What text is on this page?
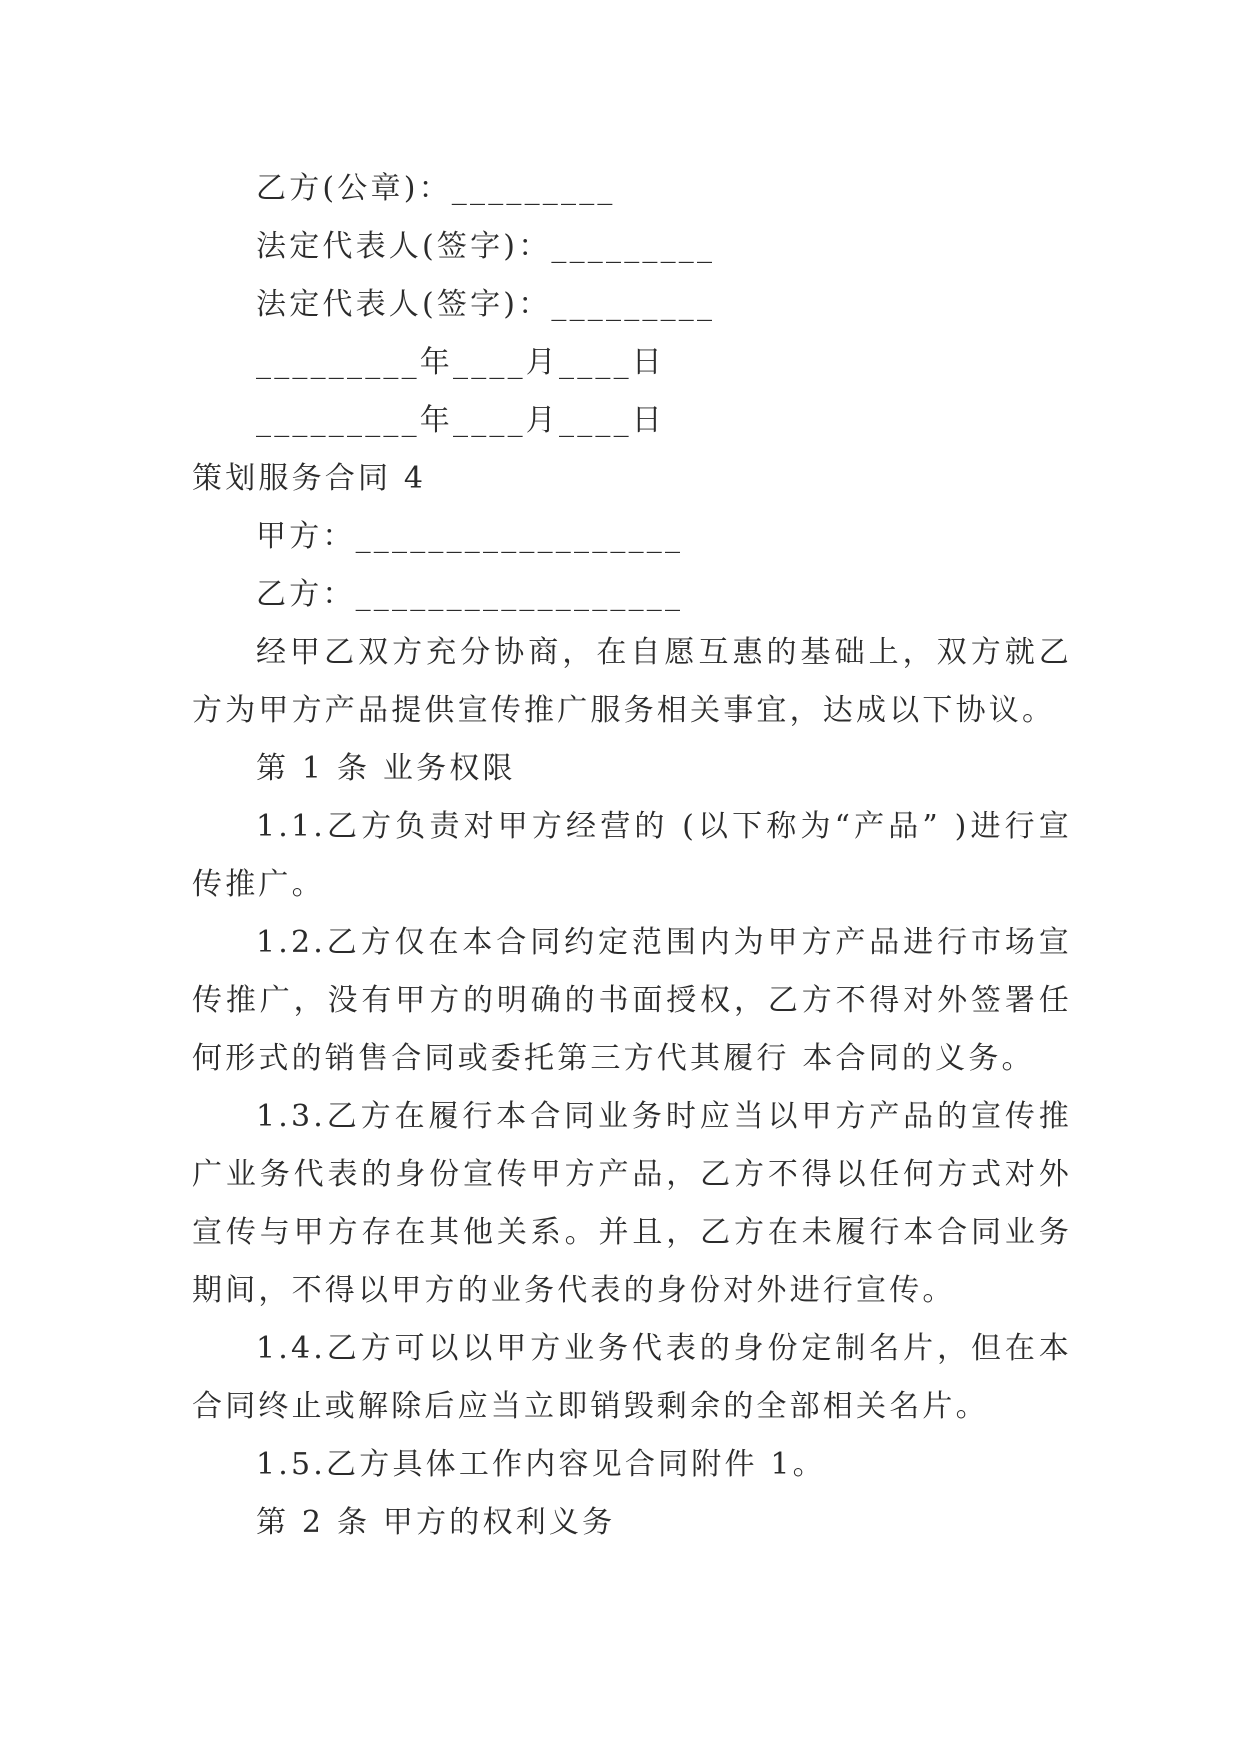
乙方(公章)：_________

法定代表人(签字)：_________

法定代表人(签字)：_________

_________年____月____日

_________年____月____日

策划服务合同 4

甲方：__________________

乙方：__________________

经甲乙双方充分协商，在自愿互惠的基础上，双方就乙方为甲方产品提供宣传推广服务相关事宜，达成以下协议。

第 1 条 业务权限

1.1.乙方负责对甲方经营的 (以下称为“产品” )进行宣传推广。

1.2.乙方仅在本合同约定范围内为甲方产品进行市场宣传推广，没有甲方的明确的书面授权，乙方不得对外签署任何形式的销售合同或委托第三方代其履行 本合同的义务。

1.3.乙方在履行本合同业务时应当以甲方产品的宣传推广业务代表的身份宣传甲方产品，乙方不得以任何方式对外宣传与甲方存在其他关系。并且，乙方在未履行本合同业务期间，不得以甲方的业务代表的身份对外进行宣传。

1.4.乙方可以以甲方业务代表的身份定制名片，但在本合同终止或解除后应当立即销毁剩余的全部相关名片。

1.5.乙方具体工作内容见合同附件 1。

第 2 条 甲方的权利义务
